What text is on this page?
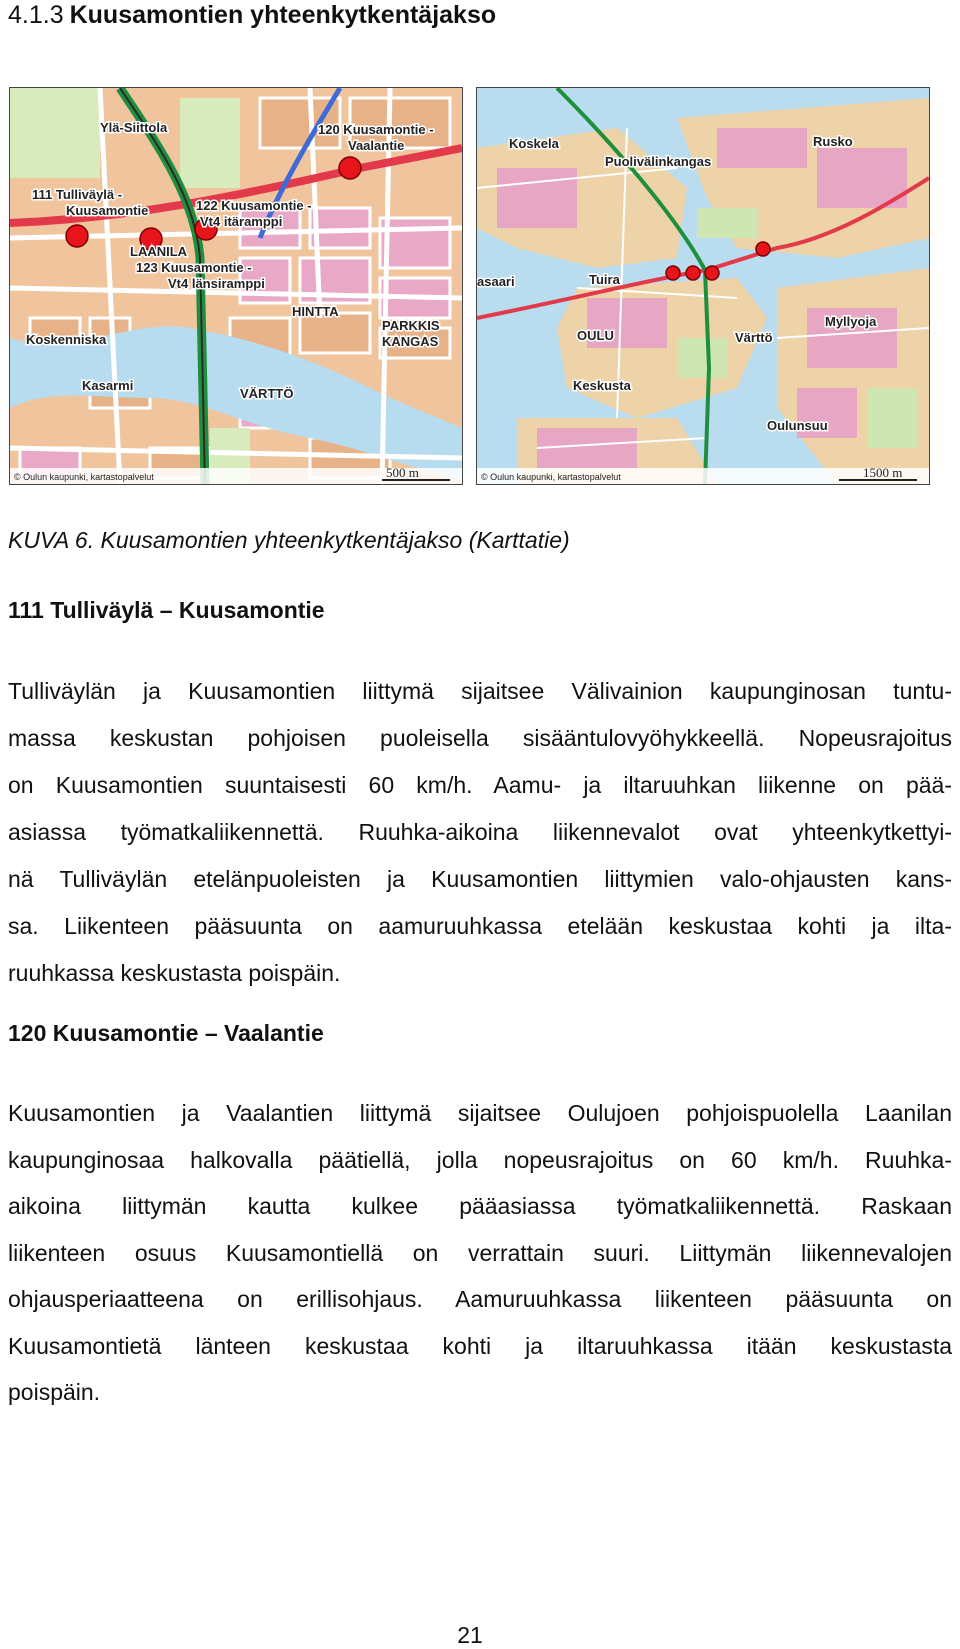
4.1.3 Kuusamontien yhteenkytkentäjakso
Ylä-Siittola	120 Kuusamontie -
Vaalantie
111 Tulliväylä -
Kuusamontie	122 Kuusamontie -
Vt4 itäramppi
LAANILA
123 Kuusamontie -
Vt4 länsiramppi
HINTTA
PARKKIS
KANGAS
Koskenniska
Kasarmi
VÄRTTÖ
© Oulun kaupunki, kartastopalvelut	500 m
Koskela
Puolivälinkangas
Rusko
asaari	Tuira
OULU	Värttö
Myllyoja
Keskusta
Oulunsuu
© Oulun kaupunki, kartastopalvelut	1500 m
KUVA 6. Kuusamontien yhteenkytkentäjakso (Karttatie)
111 Tulliväylä – Kuusamontie
Tulliväylän ja Kuusamontien liittymä sijaitsee Välivainion kaupunginosan tuntu-
massa keskustan pohjoisen puoleisella sisääntulovyöhykkeellä. Nopeusrajoitus
on Kuusamontien suuntaisesti 60 km/h. Aamu- ja iltaruuhkan liikenne on pää-
asiassa työmatkaliikennettä. Ruuhka-aikoina liikennevalot ovat yhteenkytkettyi-
nä Tulliväylän etelänpuoleisten ja Kuusamontien liittymien valo-ohjausten kans-
sa. Liikenteen pääsuunta on aamuruuhkassa etelään keskustaa kohti ja ilta-
ruuhkassa keskustasta poispäin.
120 Kuusamontie – Vaalantie
Kuusamontien ja Vaalantien liittymä sijaitsee Oulujoen pohjoispuolella Laanilan
kaupunginosaa halkovalla päätiellä, jolla nopeusrajoitus on 60 km/h. Ruuhka-
aikoina liittymän kautta kulkee pääasiassa työmatkaliikennettä. Raskaan
liikenteen osuus Kuusamontiellä on verrattain suuri. Liittymän liikennevalojen
ohjausperiaatteena on erillisohjaus. Aamuruuhkassa liikenteen pääsuunta on
Kuusamontietä länteen keskustaa kohti ja iltaruuhkassa itään keskustasta
poispäin.
21
